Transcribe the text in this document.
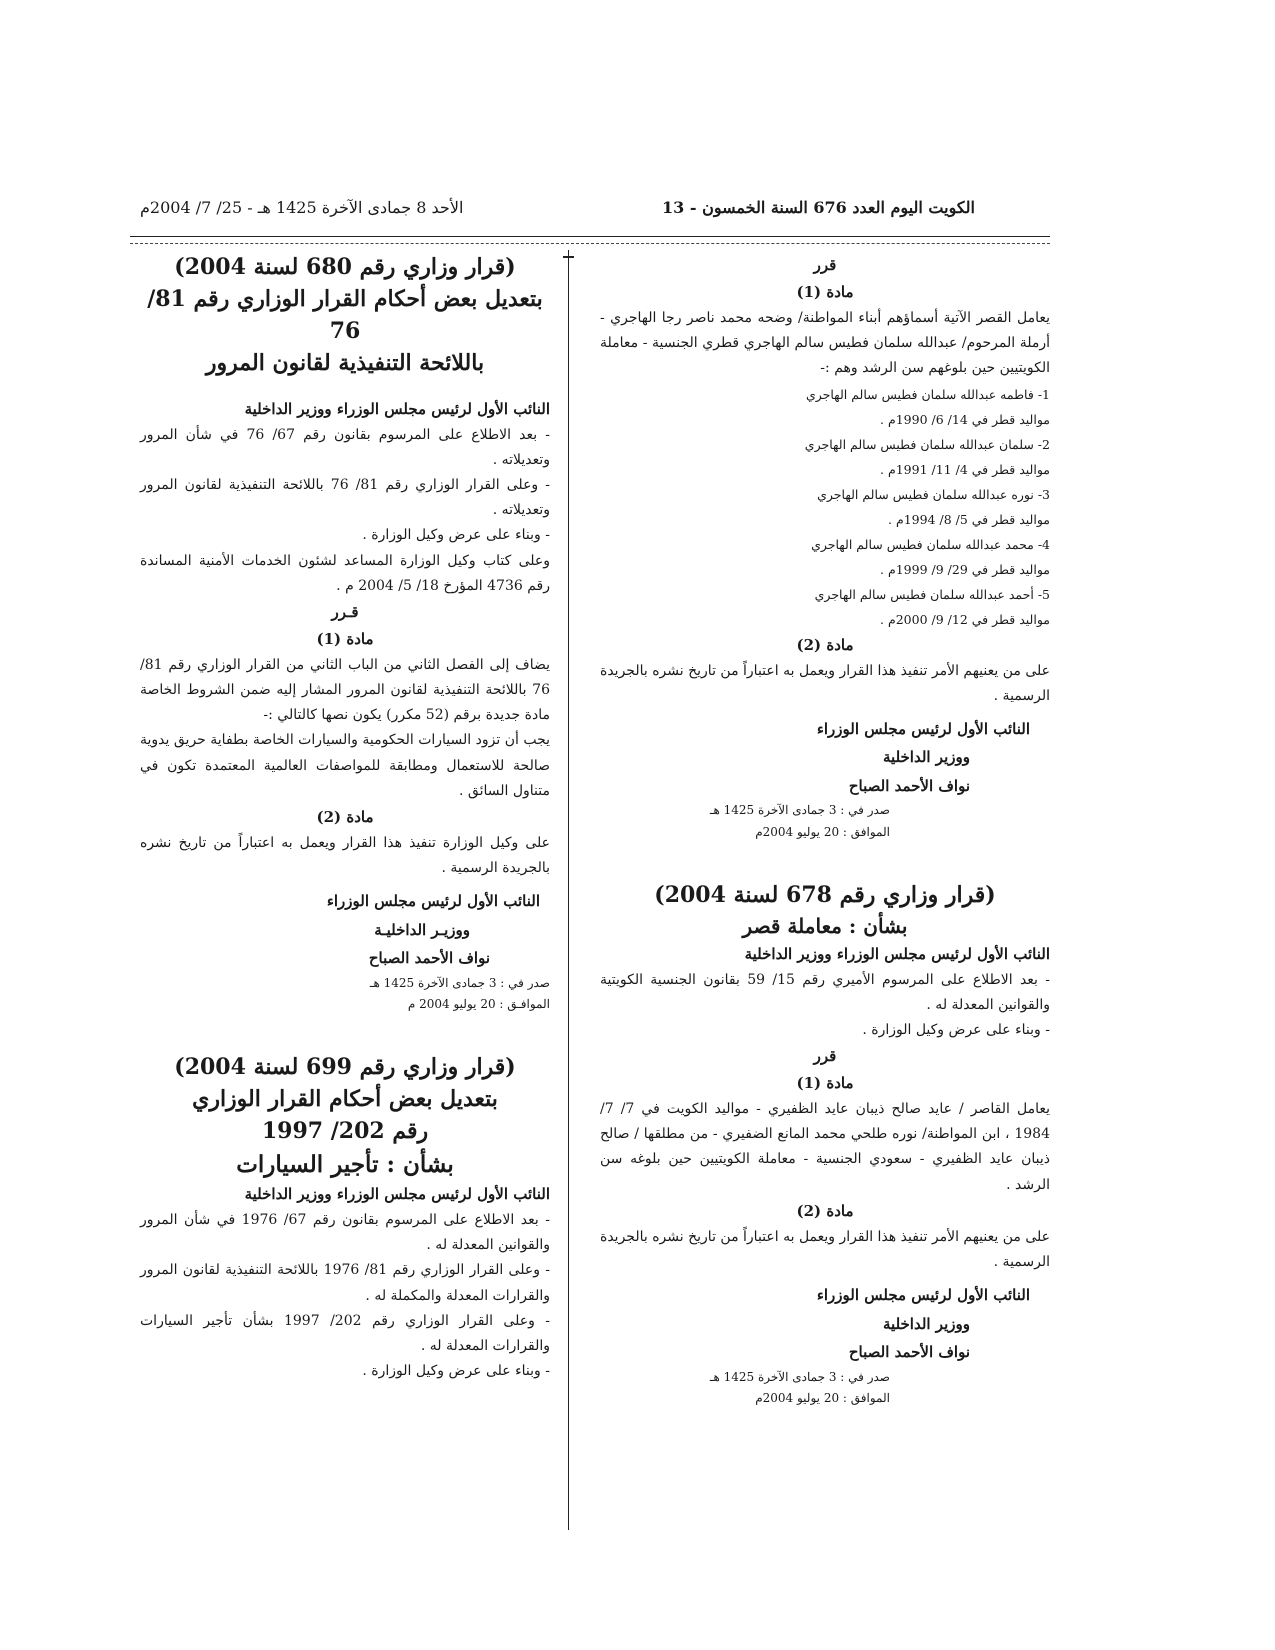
الكويت اليوم العدد 676 السنة الخمسون - 13
الأحد 8 جمادى الآخرة 1425 هـ - 25/ 7/ 2004م

قرر

مادة (1)

يعامل القصر الآتية أسماؤهم أبناء المواطنة/ وضحه محمد ناصر رجا الهاجري - أرملة المرحوم/ عبدالله سلمان فطيس سالم الهاجري قطري الجنسية - معاملة الكويتيين حين بلوغهم سن الرشد وهم :-

1- فاطمه عبدالله سلمان فطيس سالم الهاجري

مواليد قطر في 14/ 6/ 1990م .

2- سلمان عبدالله سلمان فطيس سالم الهاجري

مواليد قطر في 4/ 11/ 1991م .

3- نوره عبدالله سلمان فطيس سالم الهاجري

مواليد قطر في 5/ 8/ 1994م .

4- محمد عبدالله سلمان فطيس سالم الهاجري

مواليد قطر في 29/ 9/ 1999م .

5- أحمد عبدالله سلمان فطيس سالم الهاجري

مواليد قطر في 12/ 9/ 2000م .

مادة (2)

على من يعنيهم الأمر تنفيذ هذا القرار ويعمل به اعتباراً من تاريخ نشره بالجريدة الرسمية .

النائب الأول لرئيس مجلس الوزراء

ووزير الداخلية

نواف الأحمد الصباح

صدر في : 3 جمادى الآخرة 1425 هـ

الموافق : 20 يوليو 2004م

(قرار وزاري رقم 678 لسنة 2004)

بشأن : معاملة قصر

النائب الأول لرئيس مجلس الوزراء ووزير الداخلية

- بعد الاطلاع على المرسوم الأميري رقم 15/ 59 بقانون الجنسية الكويتية والقوانين المعدلة له .

- وبناء على عرض وكيل الوزارة .

قرر

مادة (1)

يعامل القاصر / عايد صالح ذيبان عايد الظفيري - مواليد الكويت في 7/ 7/ 1984 ، ابن المواطنة/ نوره طلحي محمد المانع الضفيري - من مطلقها / صالح ذيبان عايد الظفيري - سعودي الجنسية - معاملة الكويتيين حين بلوغه سن الرشد .

مادة (2)

على من يعنيهم الأمر تنفيذ هذا القرار ويعمل به اعتباراً من تاريخ نشره بالجريدة الرسمية .

النائب الأول لرئيس مجلس الوزراء

ووزير الداخلية

نواف الأحمد الصباح

صدر في : 3 جمادى الآخرة 1425 هـ

الموافق : 20 يوليو 2004م

(قرار وزاري رقم 680 لسنة 2004)

بتعديل بعض أحكام القرار الوزاري رقم 81/ 76

باللائحة التنفيذية لقانون المرور

النائب الأول لرئيس مجلس الوزراء ووزير الداخلية

- بعد الاطلاع على المرسوم بقانون رقم 67/ 76 في شأن المرور وتعديلاته .

- وعلى القرار الوزاري رقم 81/ 76 باللائحة التنفيذية لقانون المرور وتعديلاته .

- وبناء على عرض وكيل الوزارة .

وعلى كتاب وكيل الوزارة المساعد لشئون الخدمات الأمنية المساندة رقم 4736 المؤرخ 18/ 5/ 2004 م .

قـرر

مادة (1)

يضاف إلى الفصل الثاني من الباب الثاني من القرار الوزاري رقم 81/ 76 باللائحة التنفيذية لقانون المرور المشار إليه ضمن الشروط الخاصة مادة جديدة برقم (52 مكرر) يكون نصها كالتالي :-

يجب أن تزود السيارات الحكومية والسيارات الخاصة بطفاية حريق يدوية صالحة للاستعمال ومطابقة للمواصفات العالمية المعتمدة تكون في متناول السائق .

مادة (2)

على وكيل الوزارة تنفيذ هذا القرار ويعمل به اعتباراً من تاريخ نشره بالجريدة الرسمية .

النائب الأول لرئيس مجلس الوزراء

ووزيـر الداخليـة

نواف الأحمد الصباح

صدر في : 3 جمادى الآخرة 1425 هـ

الموافـق : 20 يوليو 2004 م

(قرار وزاري رقم 699 لسنة 2004)

بتعديل بعض أحكام القرار الوزاري

رقم 202/ 1997

بشأن : تأجير السيارات

النائب الأول لرئيس مجلس الوزراء ووزير الداخلية

- بعد الاطلاع على المرسوم بقانون رقم 67/ 1976 في شأن المرور والقوانين المعدلة له .

- وعلى القرار الوزاري رقم 81/ 1976 باللائحة التنفيذية لقانون المرور والقرارات المعدلة والمكملة له .

- وعلى القرار الوزاري رقم 202/ 1997 بشأن تأجير السيارات والقرارات المعدلة له .

- وبناء على عرض وكيل الوزارة .
